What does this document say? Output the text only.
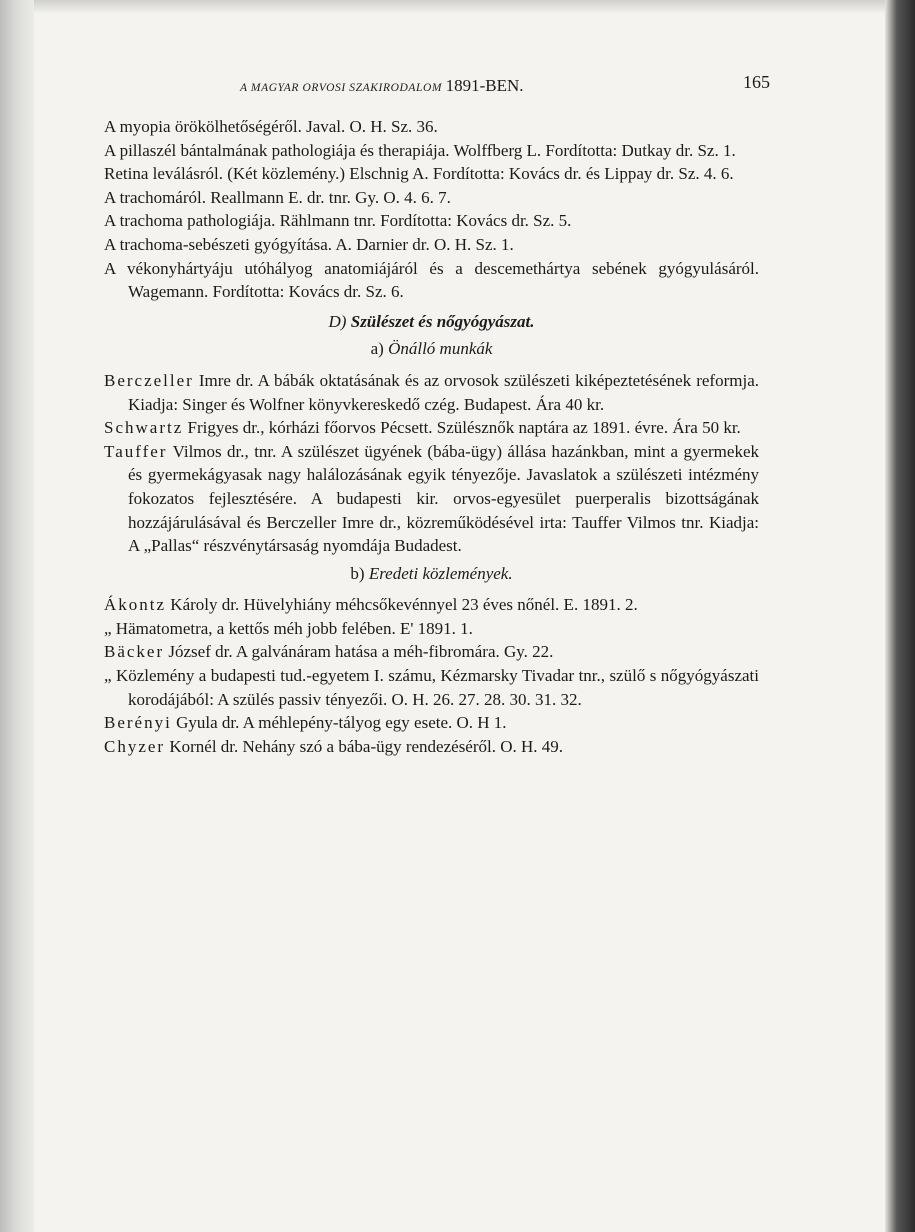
A MAGYAR ORVOSI SZAKIRODALOM 1891-BEN.	165
A myopia örökölhetőségéről. Javal. O. H. Sz. 36.
A pillaszél bántalmának pathologiája és therapiája. Wolffberg L. Fordította: Dutkay dr. Sz. 1.
Retina leválásról. (Két közlemény.) Elschnig A. Fordította: Kovács dr. és Lippay dr. Sz. 4. 6.
A trachomáról. Reallmann E. dr. tnr. Gy. O. 4. 6. 7.
A trachoma pathologiája. Rählmann tnr. Fordította: Kovács dr. Sz. 5.
A trachoma-sebészeti gyógyítása. A. Darnier dr. O. H. Sz. 1.
A vékonyhártyáju utóhályog anatomiájáról és a descemethártya sebének gyógyulásáról. Wagemann. Fordította: Kovács dr. Sz. 6.
D) Szülészet és nőgyógyászat.
a) Önálló munkák
Berczeller Imre dr. A bábák oktatásának és az orvosok szülészeti kiképeztetésének reformja. Kiadja: Singer és Wolfner könyvkereskedő czég. Budapest. Ára 40 kr.
Schwartz Frigyes dr., kórházi főorvos Pécsett. Szülésznők naptára az 1891. évre. Ára 50 kr.
Tauffer Vilmos dr., tnr. A szülészet ügyének (bába-ügy) állása hazánkban, mint a gyermekek és gyermekágyasak nagy halálozásának egyik tényezője. Javaslatok a szülészeti intézmény fokozatos fejlesztésére. A budapesti kir. orvos-egyesület puerperalis bizottságának hozzájárulásával és Berczeller Imre dr., közreműködésével irta: Tauffer Vilmos tnr. Kiadja: A „Pallas“ részvénytársaság nyomdája Budadest.
b) Eredeti közlemények.
Ákontz Károly dr. Hüvelyhiány méhcsőkevénnyel 23 éves nőnél. E. 1891. 2.
„ Hämatometra, a kettős méh jobb felében. E' 1891. 1.
Bäcker József dr. A galvánáram hatása a méh-fibromára. Gy. 22.
„ Közlemény a budapesti tud.-egyetem I. számu, Kézmarsky Tivadar tnr., szülő s nőgyógyászati korodájából: A szülés passiv tényezői. O. H. 26. 27. 28. 30. 31. 32.
Berényi Gyula dr. A méhlepény-tályog egy esete. O. H 1.
Chyzer Kornél dr. Nehány szó a bába-ügy rendezéséről. O. H. 49.
